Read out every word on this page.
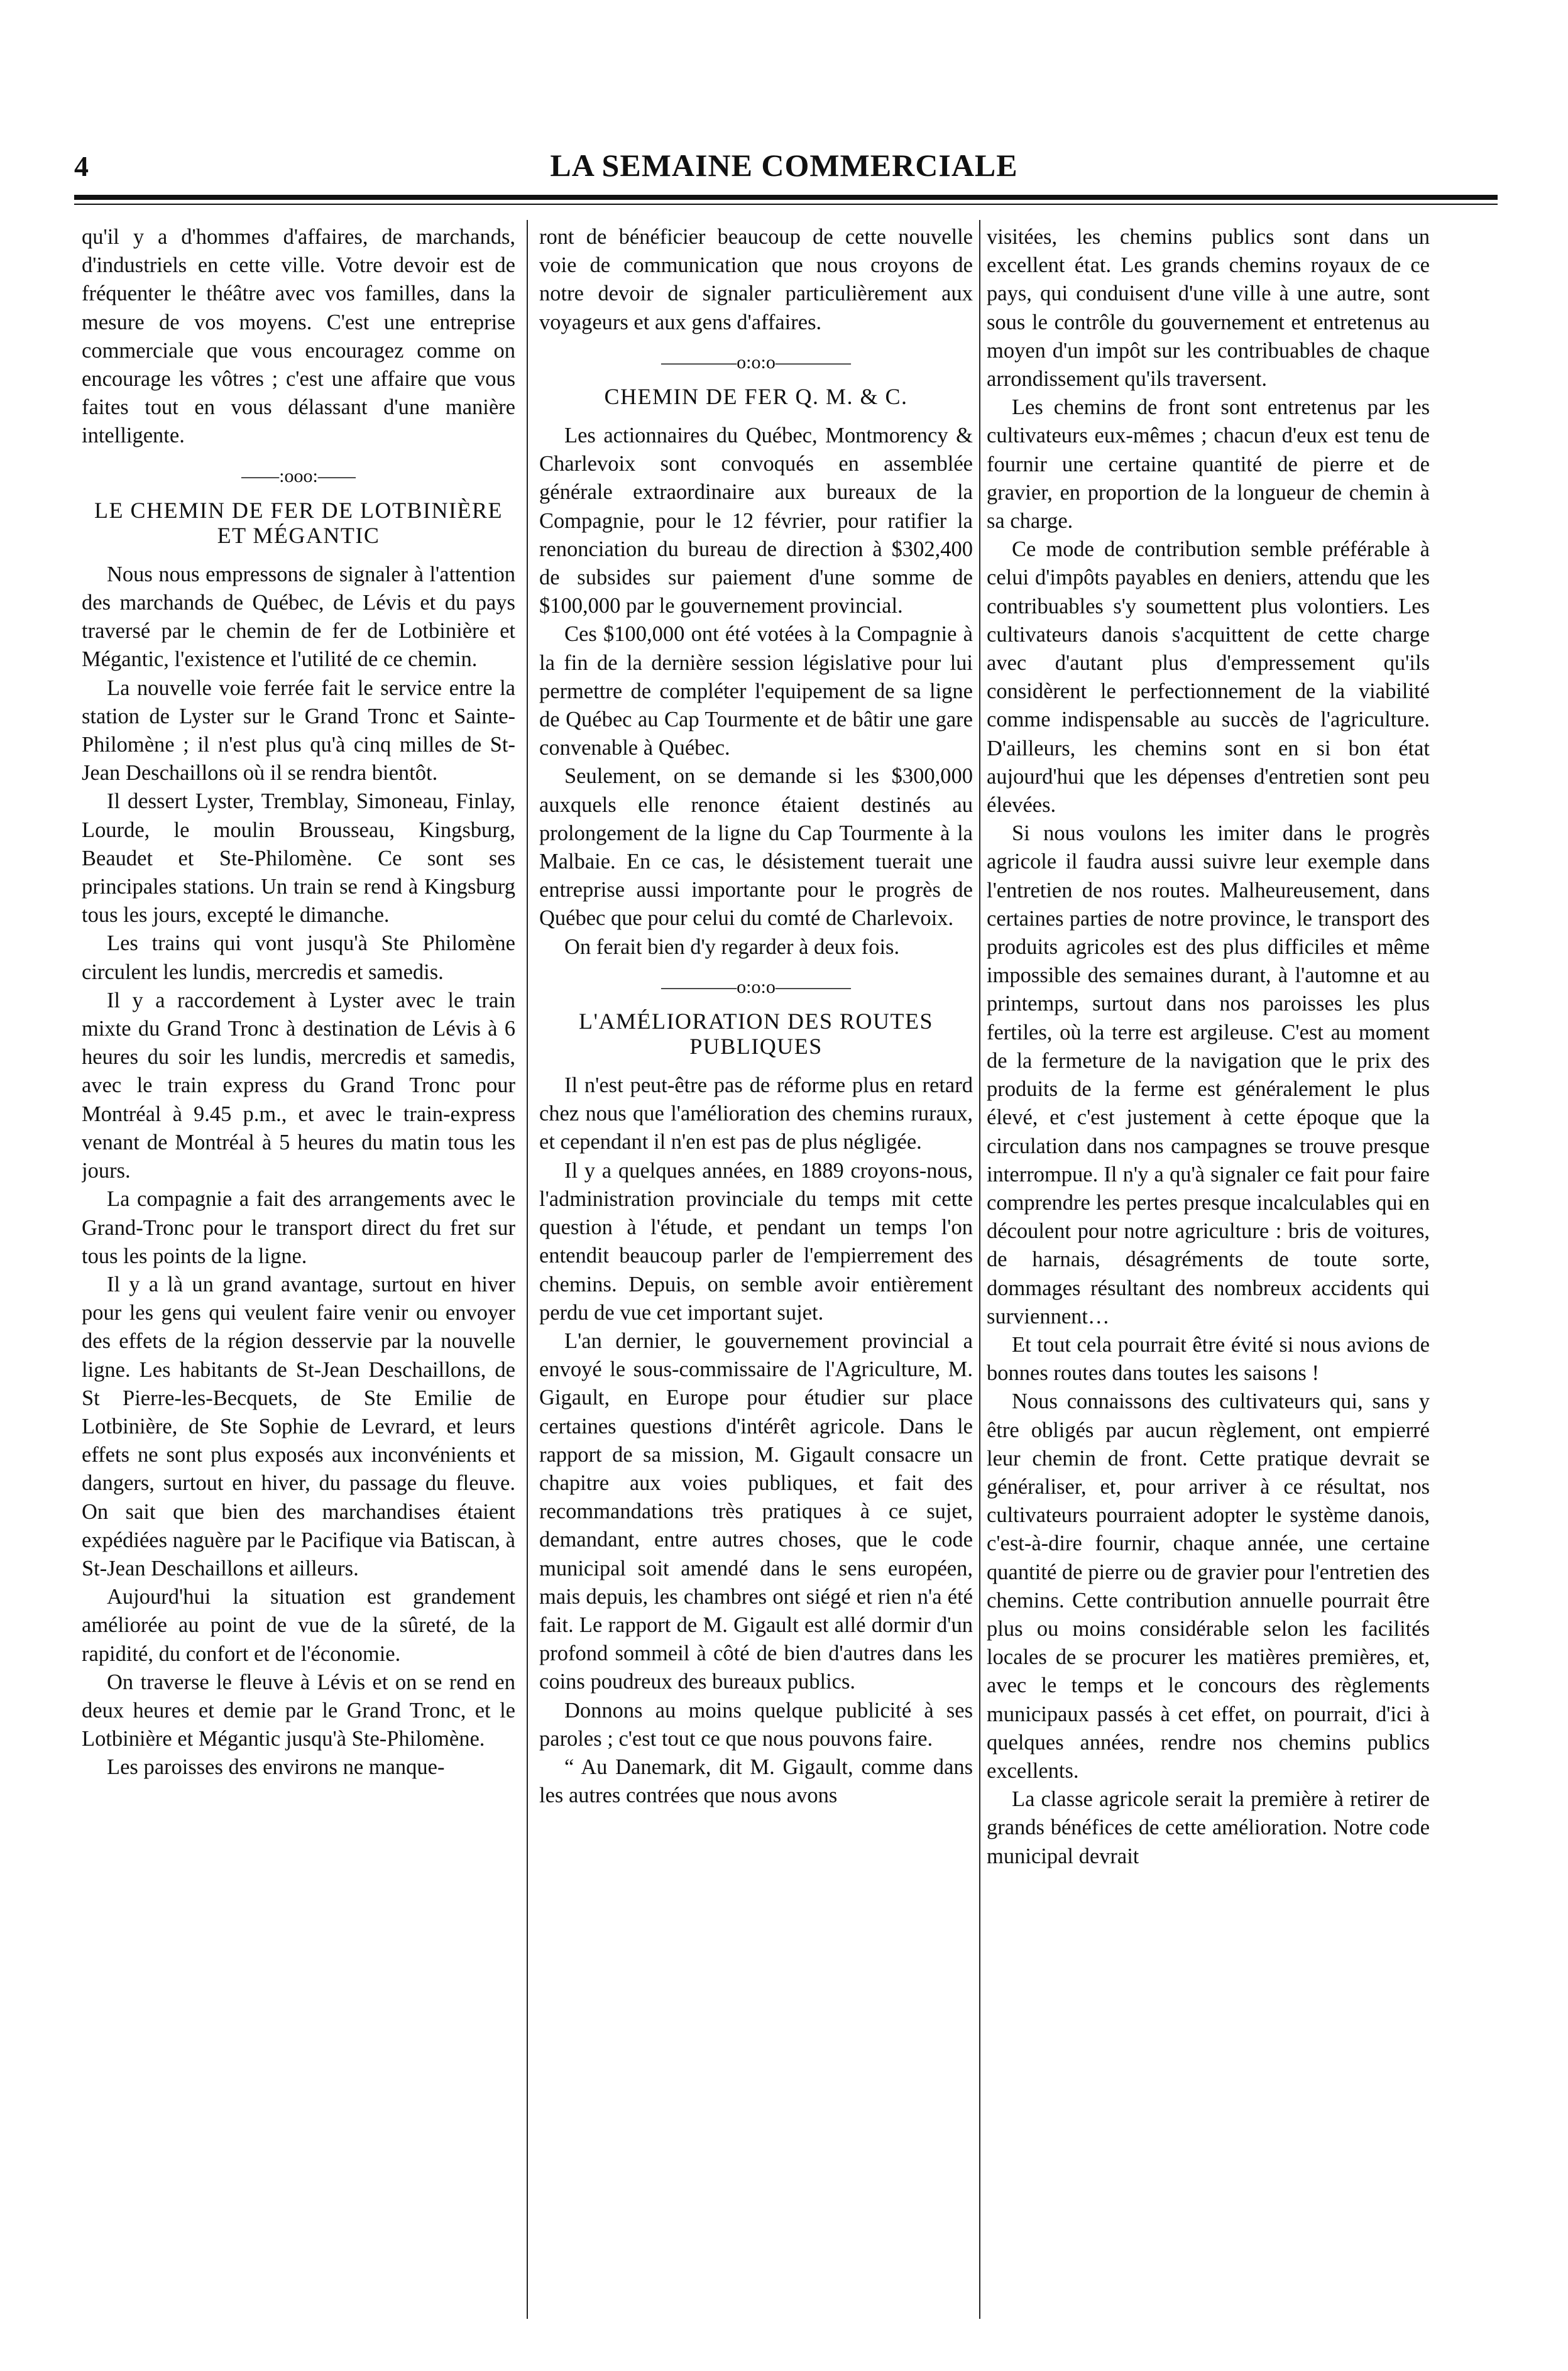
4	LA SEMAINE COMMERCIALE

qu'il y a d'hommes d'affaires, de marchands, d'industriels en cette ville. Votre devoir est de fréquenter le théâtre avec vos familles, dans la mesure de vos moyens. C'est une entreprise commerciale que vous encouragez comme on encourage les vôtres ; c'est une affaire que vous faites tout en vous délassant d'une manière intelligente.

——:ooo:——
LE CHEMIN DE FER DE LOTBINIÈRE ET MÉGANTIC

Nous nous empressons de signaler à l'attention des marchands de Québec, de Lévis et du pays traversé par le chemin de fer de Lotbinière et Mégantic, l'existence et l'utilité de ce chemin.

La nouvelle voie ferrée fait le service entre la station de Lyster sur le Grand Tronc et Sainte-Philomène ; il n'est plus qu'à cinq milles de St-Jean Deschaillons où il se rendra bientôt.

Il dessert Lyster, Tremblay, Simoneau, Finlay, Lourde, le moulin Brousseau, Kingsburg, Beaudet et Ste-Philomène. Ce sont ses principales stations. Un train se rend à Kingsburg tous les jours, excepté le dimanche.

Les trains qui vont jusqu'à Ste Philomène circulent les lundis, mercredis et samedis.

Il y a raccordement à Lyster avec le train mixte du Grand Tronc à destination de Lévis à 6 heures du soir les lundis, mercredis et samedis, avec le train express du Grand Tronc pour Montréal à 9.45 p.m., et avec le train-express venant de Montréal à 5 heures du matin tous les jours.

La compagnie a fait des arrangements avec le Grand-Tronc pour le transport direct du fret sur tous les points de la ligne.

Il y a là un grand avantage, surtout en hiver pour les gens qui veulent faire venir ou envoyer des effets de la région desservie par la nouvelle ligne. Les habitants de St-Jean Deschaillons, de St Pierre-les-Becquets, de Ste Emilie de Lotbinière, de Ste Sophie de Levrard, et leurs effets ne sont plus exposés aux inconvénients et dangers, surtout en hiver, du passage du fleuve. On sait que bien des marchandises étaient expédiées naguère par le Pacifique via Batiscan, à St-Jean Deschaillons et ailleurs.

Aujourd'hui la situation est grandement améliorée au point de vue de la sûreté, de la rapidité, du confort et de l'économie.

On traverse le fleuve à Lévis et on se rend en deux heures et demie par le Grand Tronc, et le Lotbinière et Mégantic jusqu'à Ste-Philomène.

Les paroisses des environs ne manque-

ront de bénéficier beaucoup de cette nouvelle voie de communication que nous croyons de notre devoir de signaler particulièrement aux voyageurs et aux gens d'affaires.

————o:o:o————
CHEMIN DE FER Q. M. & C.

Les actionnaires du Québec, Montmorency & Charlevoix sont convoqués en assemblée générale extraordinaire aux bureaux de la Compagnie, pour le 12 février, pour ratifier la renonciation du bureau de direction à $302,400 de subsides sur paiement d'une somme de $100,000 par le gouvernement provincial.

Ces $100,000 ont été votées à la Compagnie à la fin de la dernière session législative pour lui permettre de compléter l'equipement de sa ligne de Québec au Cap Tourmente et de bâtir une gare convenable à Québec.

Seulement, on se demande si les $300,000 auxquels elle renonce étaient destinés au prolongement de la ligne du Cap Tourmente à la Malbaie. En ce cas, le désistement tuerait une entreprise aussi importante pour le progrès de Québec que pour celui du comté de Charlevoix.

On ferait bien d'y regarder à deux fois.

————o:o:o————
L'AMÉLIORATION DES ROUTES PUBLIQUES

Il n'est peut-être pas de réforme plus en retard chez nous que l'amélioration des chemins ruraux, et cependant il n'en est pas de plus négligée.

Il y a quelques années, en 1889 croyons-nous, l'administration provinciale du temps mit cette question à l'étude, et pendant un temps l'on entendit beaucoup parler de l'empierrement des chemins. Depuis, on semble avoir entièrement perdu de vue cet important sujet.

L'an dernier, le gouvernement provincial a envoyé le sous-commissaire de l'Agriculture, M. Gigault, en Europe pour étudier sur place certaines questions d'intérêt agricole. Dans le rapport de sa mission, M. Gigault consacre un chapitre aux voies publiques, et fait des recommandations très pratiques à ce sujet, demandant, entre autres choses, que le code municipal soit amendé dans le sens européen, mais depuis, les chambres ont siégé et rien n'a été fait. Le rapport de M. Gigault est allé dormir d'un profond sommeil à côté de bien d'autres dans les coins poudreux des bureaux publics.

Donnons au moins quelque publicité à ses paroles ; c'est tout ce que nous pouvons faire.

“ Au Danemark, dit M. Gigault, comme dans les autres contrées que nous avons

visitées, les chemins publics sont dans un excellent état. Les grands chemins royaux de ce pays, qui conduisent d'une ville à une autre, sont sous le contrôle du gouvernement et entretenus au moyen d'un impôt sur les contribuables de chaque arrondissement qu'ils traversent.

Les chemins de front sont entretenus par les cultivateurs eux-mêmes ; chacun d'eux est tenu de fournir une certaine quantité de pierre et de gravier, en proportion de la longueur de chemin à sa charge.

Ce mode de contribution semble préférable à celui d'impôts payables en deniers, attendu que les contribuables s'y soumettent plus volontiers. Les cultivateurs danois s'acquittent de cette charge avec d'autant plus d'empressement qu'ils considèrent le perfectionnement de la viabilité comme indispensable au succès de l'agriculture. D'ailleurs, les chemins sont en si bon état aujourd'hui que les dépenses d'entretien sont peu élevées.

Si nous voulons les imiter dans le progrès agricole il faudra aussi suivre leur exemple dans l'entretien de nos routes. Malheureusement, dans certaines parties de notre province, le transport des produits agricoles est des plus difficiles et même impossible des semaines durant, à l'automne et au printemps, surtout dans nos paroisses les plus fertiles, où la terre est argileuse. C'est au moment de la fermeture de la navigation que le prix des produits de la ferme est généralement le plus élevé, et c'est justement à cette époque que la circulation dans nos campagnes se trouve presque interrompue. Il n'y a qu'à signaler ce fait pour faire comprendre les pertes presque incalculables qui en découlent pour notre agriculture : bris de voitures, de harnais, désagréments de toute sorte, dommages résultant des nombreux accidents qui surviennent…

Et tout cela pourrait être évité si nous avions de bonnes routes dans toutes les saisons !

Nous connaissons des cultivateurs qui, sans y être obligés par aucun règlement, ont empierré leur chemin de front. Cette pratique devrait se généraliser, et, pour arriver à ce résultat, nos cultivateurs pourraient adopter le système danois, c'est-à-dire fournir, chaque année, une certaine quantité de pierre ou de gravier pour l'entretien des chemins. Cette contribution annuelle pourrait être plus ou moins considérable selon les facilités locales de se procurer les matières premières, et, avec le temps et le concours des règlements municipaux passés à cet effet, on pourrait, d'ici à quelques années, rendre nos chemins publics excellents.

La classe agricole serait la première à retirer de grands bénéfices de cette amélioration. Notre code municipal devrait
